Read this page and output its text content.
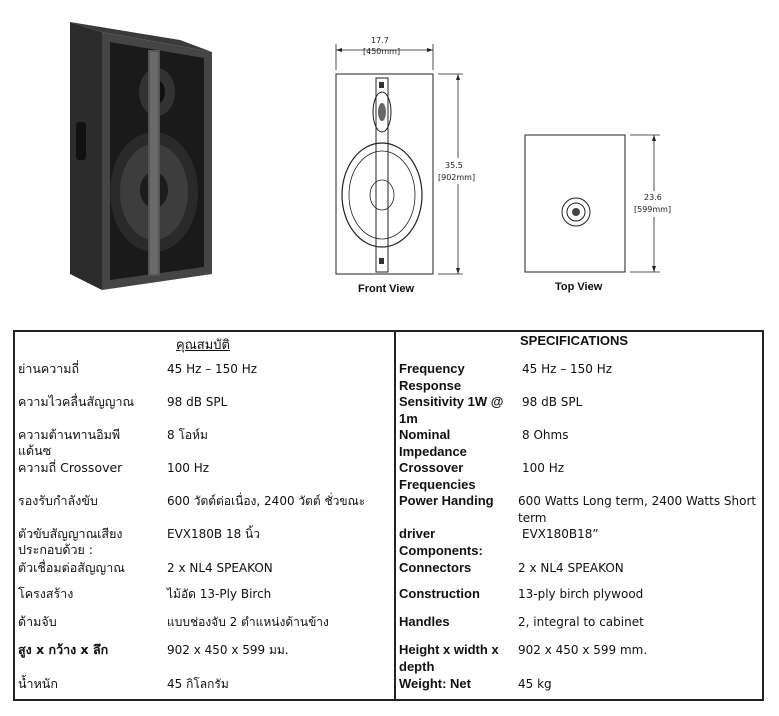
17.7
[450mm]
35.5
[902mm]
Front View
23.6
[599mm]
Top View
คุณสมบัติ	SPECIFICATIONS
ย่านความถี่
ความไวคลื่นสัญญาณ
ความต้านทานอิมพีแด้นซ
ความถี่ Crossover
รองรับกำลังขับ
ตัวขับสัญญาณเสียงประกอบด้วย :
ตัวเชื่อมต่อสัญญาณ
โครงสร้าง
ด้ามจับ
สูง x กว้าง x ลึก
น้ำหนัก
45 Hz – 150 Hz
98 dB SPL
8 โอห์ม
100 Hz
600 วัตต์ต่อเนื่อง, 2400 วัตต์ ชั่วขณะ
EVX180B 18 นิ้ว
2 x NL4 SPEAKON
ไม้อัด 13-Ply Birch
แบบช่องจับ 2 ตำแหน่งด้านข้าง
902 x 450 x 599 มม.
45 กิโลกรัม
Frequency Response
Sensitivity 1W @ 1m
Nominal Impedance
Crossover Frequencies
Power Handing
driver Components:
Connectors
Construction
Handles
Height x width x depth
Weight: Net
45 Hz – 150 Hz
98 dB SPL
8 Ohms
100 Hz
600 Watts Long term, 2400 Watts Short term
EVX180B18”
2 x NL4 SPEAKON
13-ply birch plywood
2, integral to cabinet
902 x 450 x 599 mm.
45 kg
